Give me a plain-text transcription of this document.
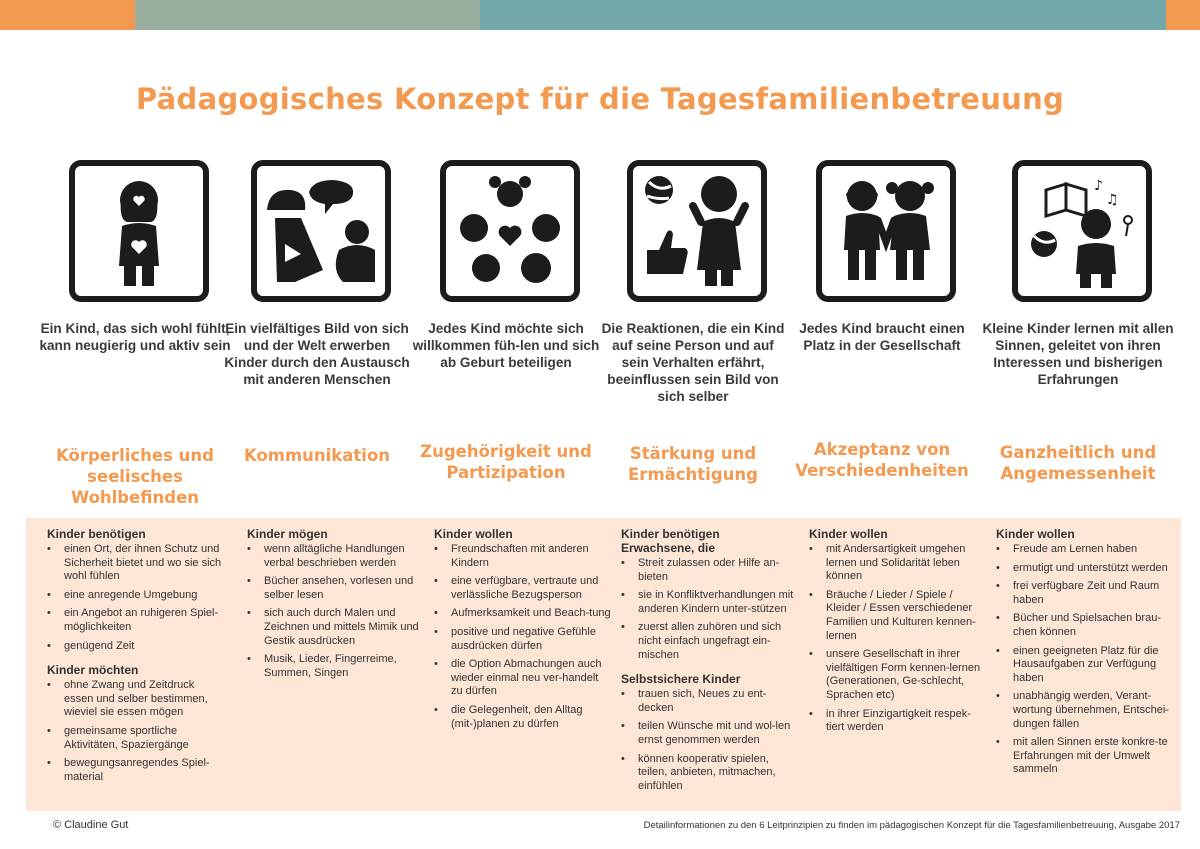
Pädagogisches Konzept für die Tagesfamilienbetreuung
Ein Kind, das sich wohl fühlt, kann neugierig und aktiv sein
Körperliches und seelisches Wohlbefinden
Ein vielfältiges Bild von sich und der Welt erwerben Kinder durch den Austausch mit anderen Menschen
Kommunikation
Jedes Kind möchte sich willkommen füh-len und sich ab Geburt beteiligen
Zugehörigkeit und Partizipation
Die Reaktionen, die ein Kind auf seine Person und auf sein Verhalten erfährt, beeinflussen sein Bild von sich selber
Stärkung und Ermächtigung
Jedes Kind braucht einen Platz in der Gesellschaft
Akzeptanz von Verschiedenheiten
♪
♫
Kleine Kinder lernen mit allen Sinnen, geleitet von ihren Interessen und bisherigen Erfahrungen
Ganzheitlich und Angemessenheit
Kinder benötigen
• einen Ort, der ihnen Schutz und Sicherheit bietet und wo sie sich wohl fühlen
• eine anregende Umgebung
• ein Angebot an ruhigeren Spiel-möglichkeiten
• genügend Zeit
Kinder möchten
• ohne Zwang und Zeitdruck essen und selber bestimmen, wieviel sie essen mögen
• gemeinsame sportliche Aktivitäten, Spaziergänge
• bewegungsanregendes Spiel-material
Kinder mögen
• wenn alltägliche Handlungen verbal beschrieben werden
• Bücher ansehen, vorlesen und selber lesen
• sich auch durch Malen und Zeichnen und mittels Mimik und Gestik ausdrücken
• Musik, Lieder, Fingerreime, Summen, Singen
Kinder wollen
• Freundschaften mit anderen Kindern
• eine verfügbare, vertraute und verlässliche Bezugsperson
• Aufmerksamkeit und Beach-tung
• positive und negative Gefühle ausdrücken dürfen
• die Option Abmachungen auch wieder einmal neu ver-handelt zu dürfen
• die Gelegenheit, den Alltag (mit-)planen zu dürfen
Kinder benötigen Erwachsene, die
• Streit zulassen oder Hilfe an-bieten
• sie in Konfliktverhandlungen mit anderen Kindern unter-stützen
• zuerst allen zuhören und sich nicht einfach ungefragt ein-mischen
Selbstsichere Kinder
• trauen sich, Neues zu ent-decken
• teilen Wünsche mit und wol-len ernst genommen werden
• können kooperativ spielen, teilen, anbieten, mitmachen, einfühlen
Kinder wollen
• mit Andersartigkeit umgehen lernen und Solidarität leben können
• Bräuche / Lieder / Spiele / Kleider / Essen verschiedener Familien und Kulturen kennen-lernen
• unsere Gesellschaft in ihrer vielfältigen Form kennen-lernen (Generationen, Ge-schlecht, Sprachen etc)
• in ihrer Einzigartigkeit respek-tiert werden
Kinder wollen
• Freude am Lernen haben
• ermutigt und unterstützt werden
• frei verfügbare Zeit und Raum haben
• Bücher und Spielsachen brau-chen können
• einen geeigneten Platz für die Hausaufgaben zur Verfügung haben
• unabhängig werden, Verant-wortung übernehmen, Entschei-dungen fällen
• mit allen Sinnen erste konkre-te Erfahrungen mit der Umwelt sammeln
© Claudine Gut	Detailinformationen zu den 6 Leitprinzipien zu finden im pädagogischen Konzept für die Tagesfamilienbetreuung, Ausgabe 2017
